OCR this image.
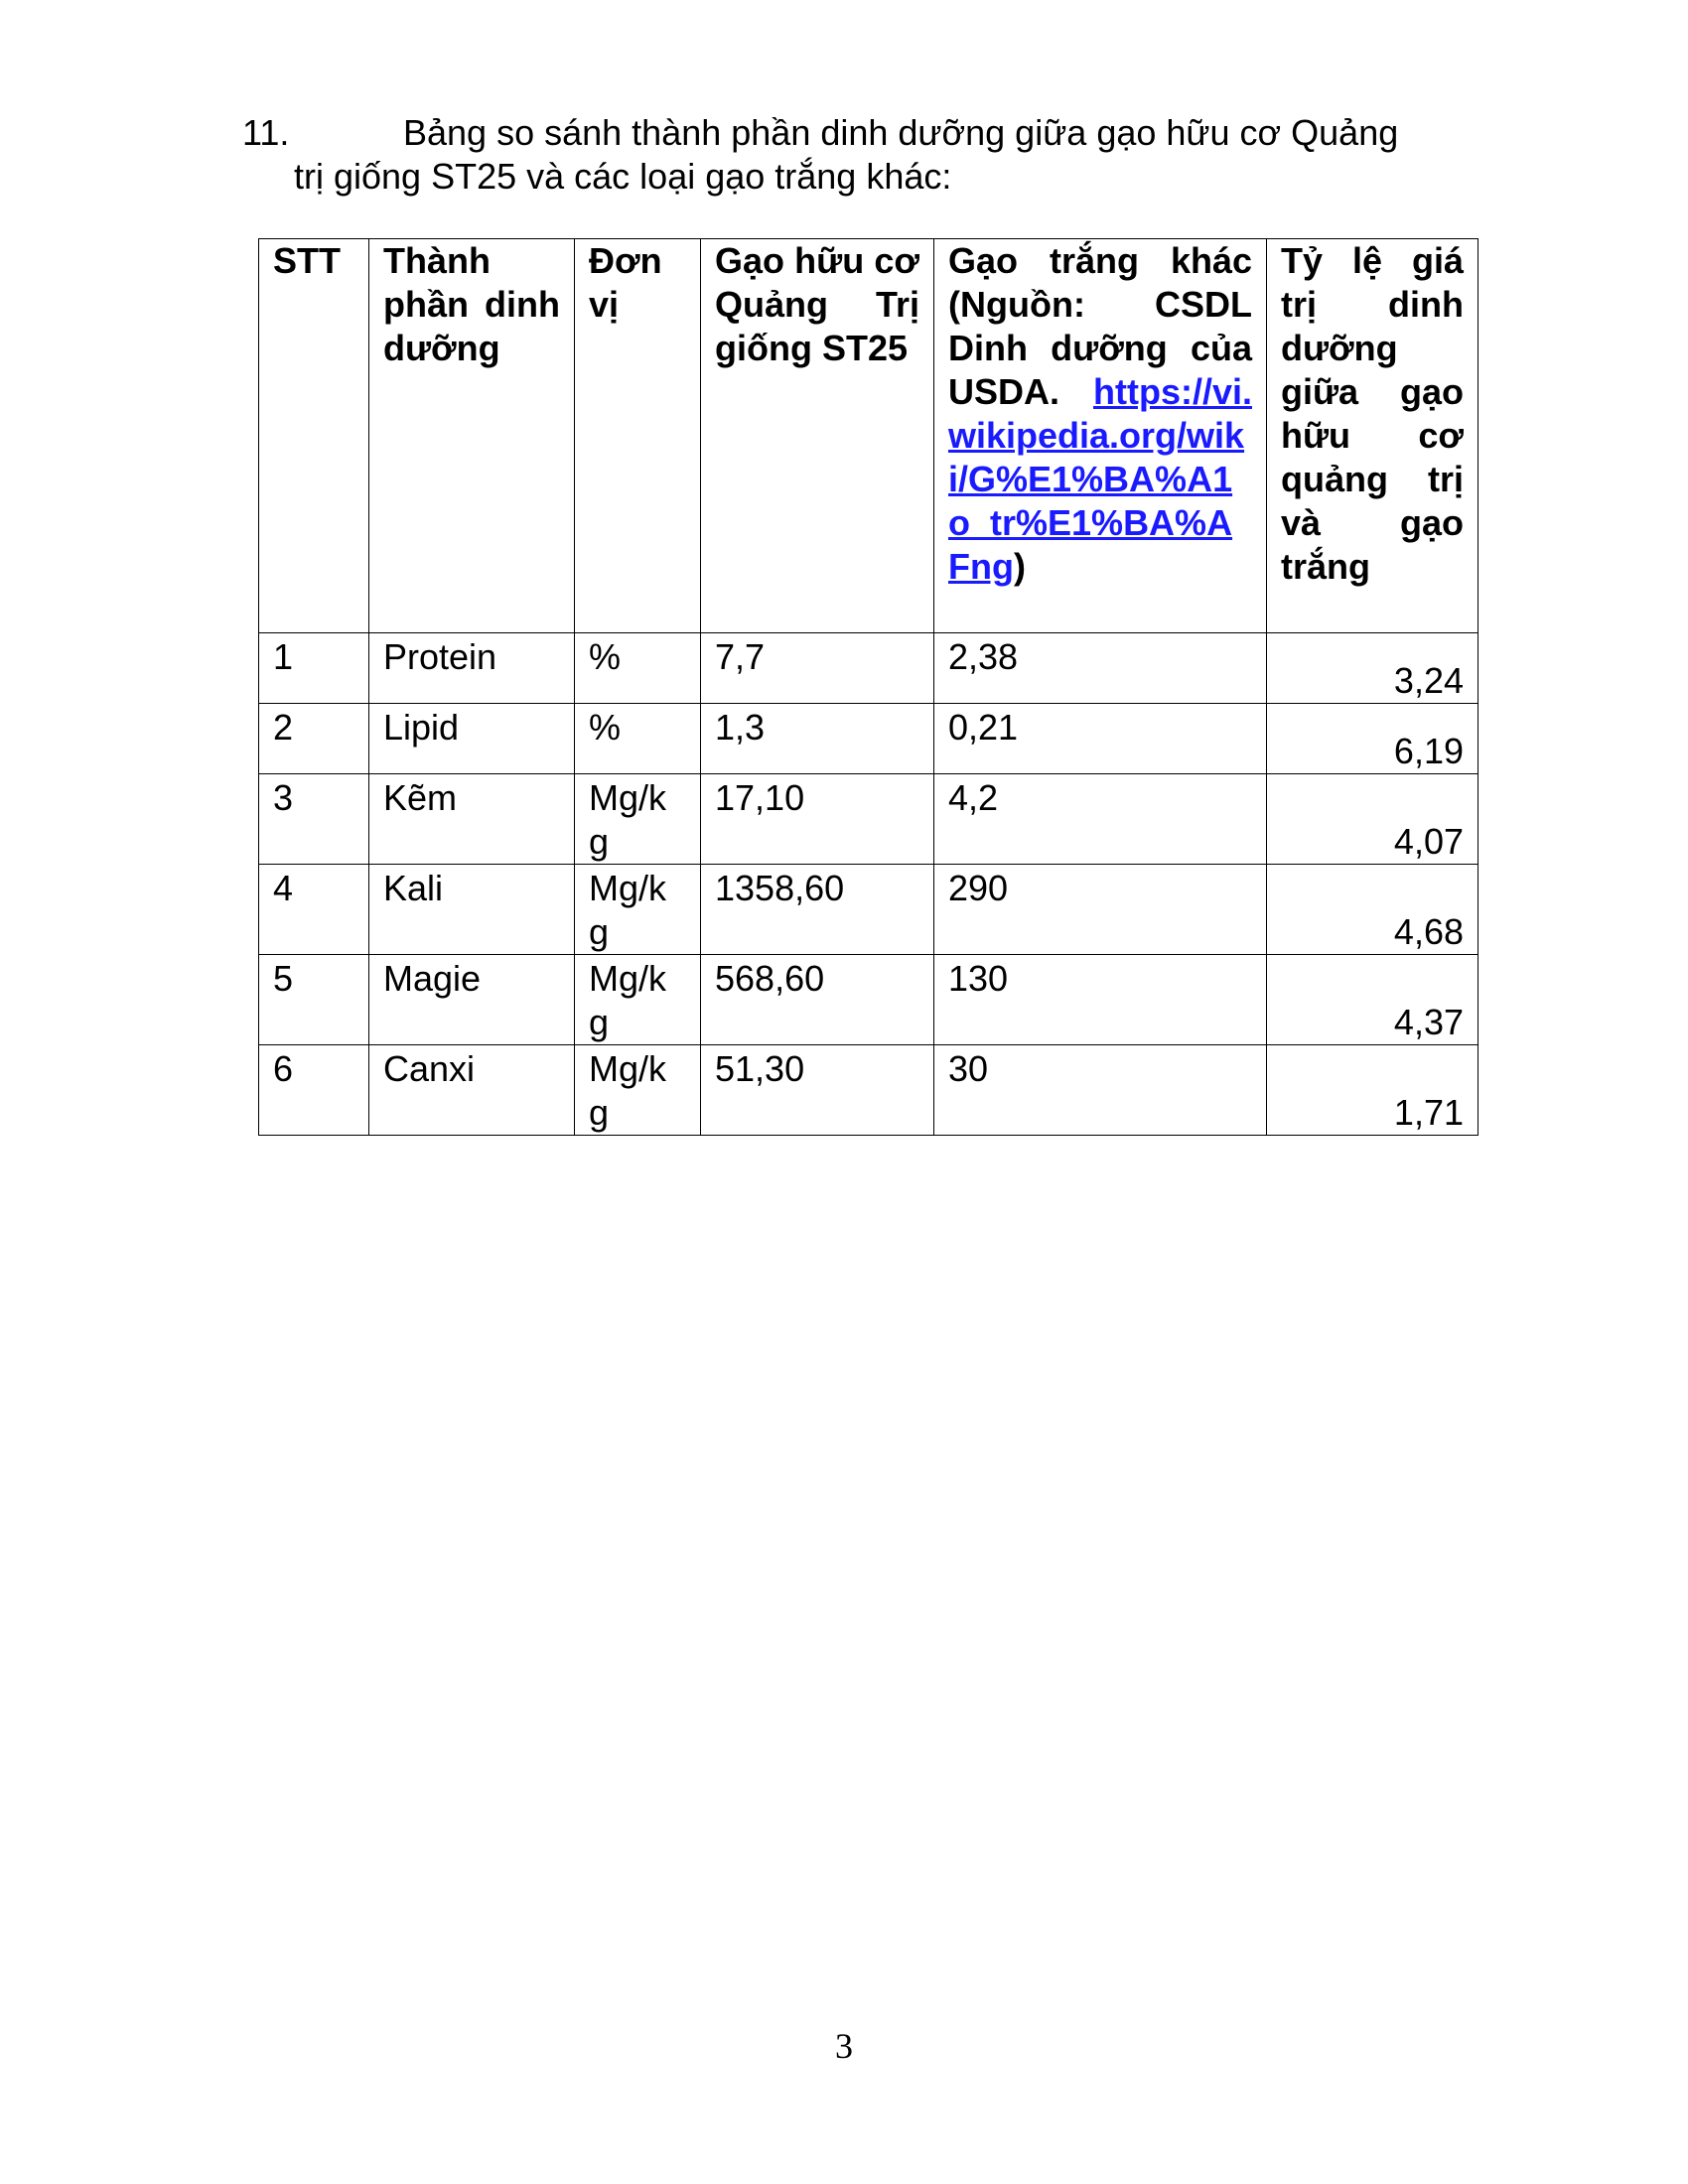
11.	Bảng so sánh thành phần dinh dưỡng giữa gạo hữu cơ Quảng
trị giống ST25 và các loại gạo trắng khác:
STT	Thành phần dinh dưỡng	Đơn vị	Gạo hữu cơ Quảng Trị giống ST25	Gạo trắng khác (Nguồn: CSDL Dinh dưỡng của USDA. https://vi.wikipedia.org/wiki/G%E1%BA%A1o_tr%E1%BA%AFng)	Tỷ lệ giá trị dinh dưỡng giữa gạo hữu cơ quảng trị và gạo trắng
1	Protein	%	7,7	2,38	3,24
2	Lipid	%	1,3	0,21	6,19
3	Kẽm	Mg/kg	17,10	4,2	4,07
4	Kali	Mg/kg	1358,60	290	4,68
5	Magie	Mg/kg	568,60	130	4,37
6	Canxi	Mg/kg	51,30	30	1,71
3
